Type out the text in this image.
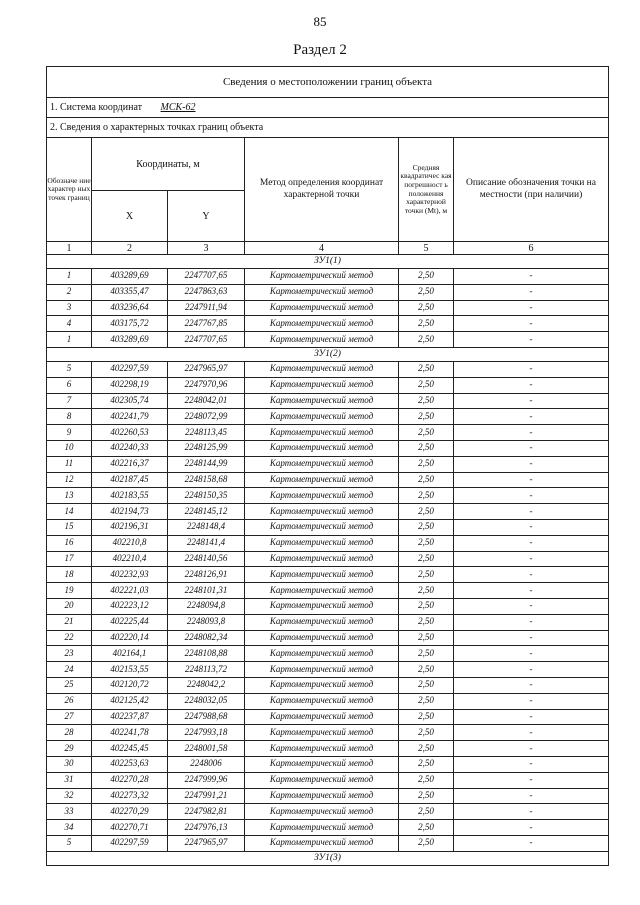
85
Раздел 2
Сведения о местоположении границ объекта					
1. Система координат МСК-62					
2. Сведения о характерных точках границ объекта					
Обозначе ние характер ных точек границ	Координаты, м		Метод определения координат характерной точки	Средняя квадратичес кая погрешност ь положения характерной точки (Mt), м	Описание обозначения точки на местности (при наличии)
	X	Y			
1	2	3	4	5	6
ЗУ1(1)					
1	403289,69	2247707,65	Картометрический метод	2,50	-
2	403355,47	2247863,63	Картометрический метод	2,50	-
3	403236,64	2247911,94	Картометрический метод	2,50	-
4	403175,72	2247767,85	Картометрический метод	2,50	-
1	403289,69	2247707,65	Картометрический метод	2,50	-
ЗУ1(2)					
5	402297,59	2247965,97	Картометрический метод	2,50	-
6	402298,19	2247970,96	Картометрический метод	2,50	-
7	402305,74	2248042,01	Картометрический метод	2,50	-
8	402241,79	2248072,99	Картометрический метод	2,50	-
9	402260,53	2248113,45	Картометрический метод	2,50	-
10	402240,33	2248125,99	Картометрический метод	2,50	-
11	402216,37	2248144,99	Картометрический метод	2,50	-
12	402187,45	2248158,68	Картометрический метод	2,50	-
13	402183,55	2248150,35	Картометрический метод	2,50	-
14	402194,73	2248145,12	Картометрический метод	2,50	-
15	402196,31	2248148,4	Картометрический метод	2,50	-
16	402210,8	2248141,4	Картометрический метод	2,50	-
17	402210,4	2248140,56	Картометрический метод	2,50	-
18	402232,93	2248126,91	Картометрический метод	2,50	-
19	402221,03	2248101,31	Картометрический метод	2,50	-
20	402223,12	2248094,8	Картометрический метод	2,50	-
21	402225,44	2248093,8	Картометрический метод	2,50	-
22	402220,14	2248082,34	Картометрический метод	2,50	-
23	402164,1	2248108,88	Картометрический метод	2,50	-
24	402153,55	2248113,72	Картометрический метод	2,50	-
25	402120,72	2248042,2	Картометрический метод	2,50	-
26	402125,42	2248032,05	Картометрический метод	2,50	-
27	402237,87	2247988,68	Картометрический метод	2,50	-
28	402241,78	2247993,18	Картометрический метод	2,50	-
29	402245,45	2248001,58	Картометрический метод	2,50	-
30	402253,63	2248006	Картометрический метод	2,50	-
31	402270,28	2247999,96	Картометрический метод	2,50	-
32	402273,32	2247991,21	Картометрический метод	2,50	-
33	402270,29	2247982,81	Картометрический метод	2,50	-
34	402270,71	2247976,13	Картометрический метод	2,50	-
5	402297,59	2247965,97	Картометрический метод	2,50	-
ЗУ1(3)					
